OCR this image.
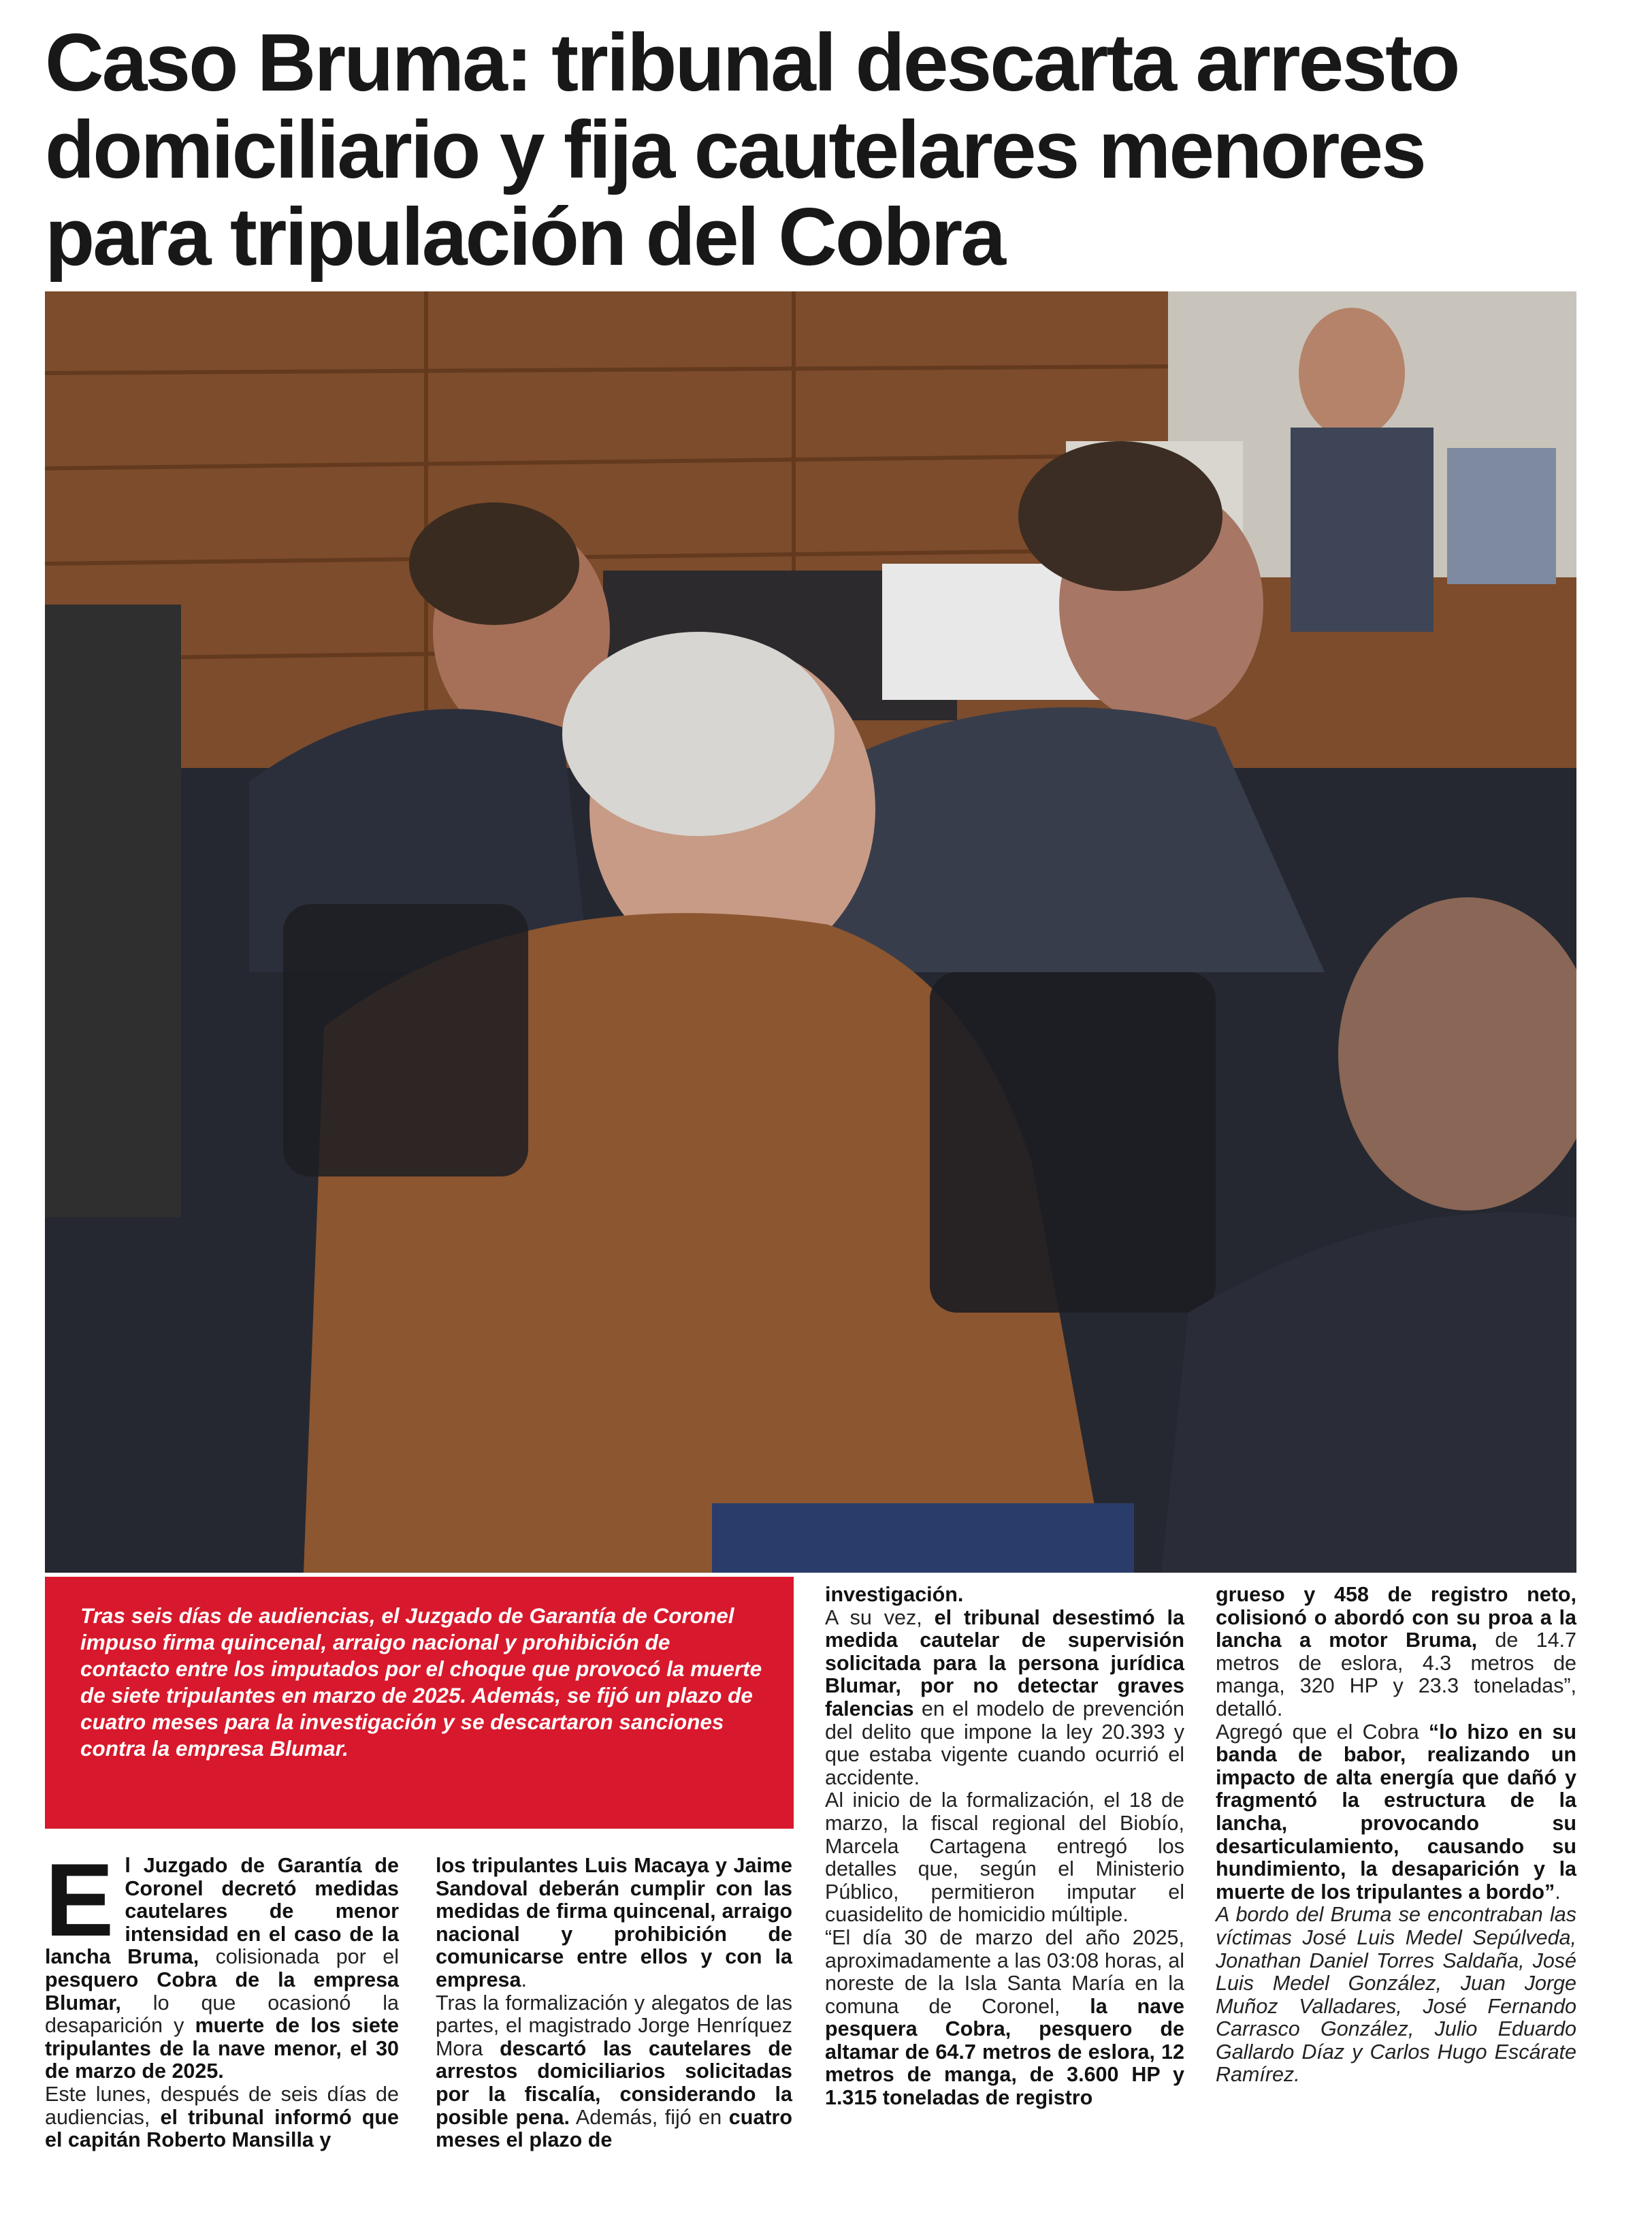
Caso Bruma: tribunal descarta arresto
domiciliario y fija cautelares menores
para tripulación del Cobra
Tras seis días de audiencias, el Juzgado de Garantía de Coronel impuso firma quincenal, arraigo nacional y prohibición de contacto entre los imputados por el choque que provocó la muerte de siete tripulantes en marzo de 2025. Además, se fijó un plazo de cuatro meses para la investigación y se descartaron sanciones contra la empresa Blumar.

El Juzgado de Garantía de Coronel decretó medidas cautelares de menor intensidad en el caso de la lancha Bruma, colisionada por el pesquero Cobra de la empresa Blumar, lo que ocasionó la desaparición y muerte de los siete tripulantes de la nave menor, el 30 de marzo de 2025.

Este lunes, después de seis días de audiencias, el tribunal informó que el capitán Roberto Mansilla y

los tripulantes Luis Macaya y Jaime Sandoval deberán cumplir con las medidas de firma quincenal, arraigo nacional y prohibición de comunicarse entre ellos y con la empresa.

Tras la formalización y alegatos de las partes, el magistrado Jorge Henríquez Mora descartó las cautelares de arrestos domiciliarios solicitadas por la fiscalía, considerando la posible pena. Además, fijó en cuatro meses el plazo de

investigación.

A su vez, el tribunal desestimó la medida cautelar de supervisión solicitada para la persona jurídica Blumar, por no detectar graves falencias en el modelo de prevención del delito que impone la ley 20.393 y que estaba vigente cuando ocurrió el accidente.

Al inicio de la formalización, el 18 de marzo, la fiscal regional del Biobío, Marcela Cartagena entregó los detalles que, según el Ministerio Público, permitieron imputar el cuasidelito de homicidio múltiple.

“El día 30 de marzo del año 2025, aproximadamente a las 03:08 horas, al noreste de la Isla Santa María en la comuna de Coronel, la nave pesquera Cobra, pesquero de altamar de 64.7 metros de eslora, 12 metros de manga, de 3.600 HP y 1.315 toneladas de registro

grueso y 458 de registro neto, colisionó o abordó con su proa a la lancha a motor Bruma, de 14.7 metros de eslora, 4.3 metros de manga, 320 HP y 23.3 toneladas”, detalló.

Agregó que el Cobra “lo hizo en su banda de babor, realizando un impacto de alta energía que dañó y fragmentó la estructura de la lancha, provocando su desarticulamiento, causando su hundimiento, la desaparición y la muerte de los tripulantes a bordo”.

A bordo del Bruma se encontraban las víctimas José Luis Medel Sepúlveda, Jonathan Daniel Torres Saldaña, José Luis Medel González, Juan Jorge Muñoz Valladares, José Fernando Carrasco González, Julio Eduardo Gallardo Díaz y Carlos Hugo Escárate Ramírez.
